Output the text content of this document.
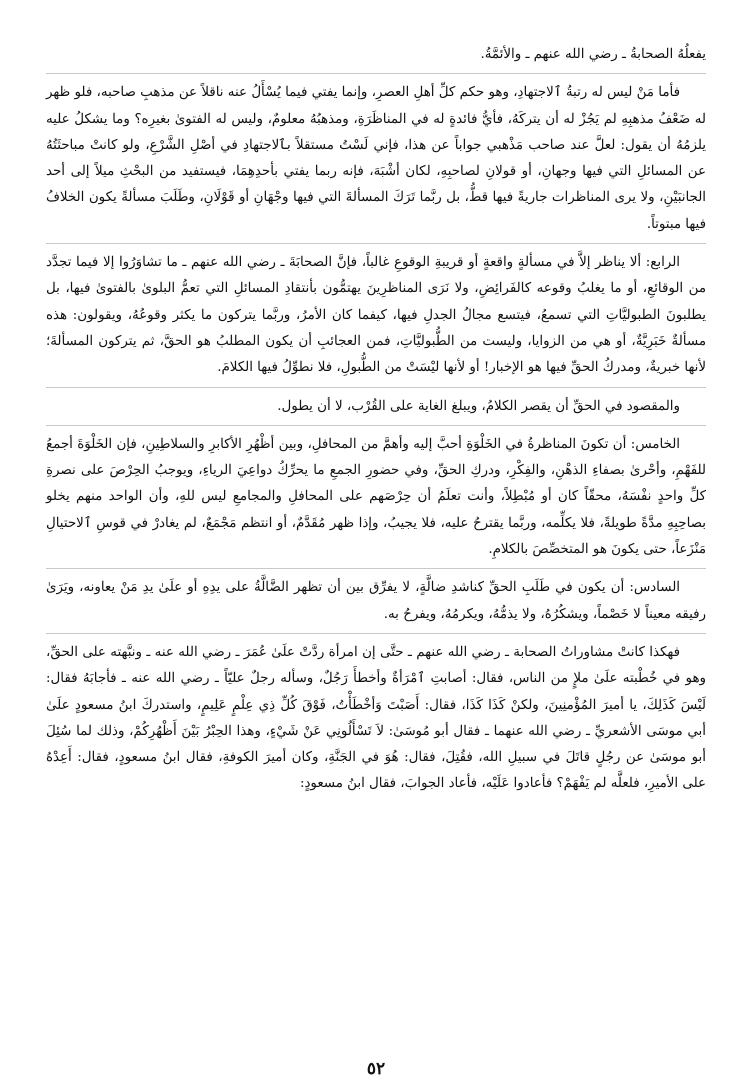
يفعلُهُ الصحابةُ ـ رضي الله عنهم ـ والأئمَّةُ.

فأما مَنْ ليس له رتبةُ ٱلاجتهادِ، وهو حكم كلِّ أهلِ العصرِ، وإنما يفتي فيما يُسْأَلُ عنه ناقلاً عن مذهبِ صاحبه، فلو ظهر له ضَعْفُ مذهبِهِ لم يَجُزْ له أن يتركَهُ، فأيُّ فائدةٍ له في المناظَرَةِ، ومذهبُهُ معلومٌ، وليس له الفتوىٰ بغيرِه؟ وما يشكلُ عليه يلزمُهُ أن يقول: لعلَّ عند صاحب مَذْهبي جواباً عن هذا، فإني لَسْتُ مستقلاً بٱلاجتهادِ في أصْلِ الشَّرْعِ، ولو كانتْ مباحثَتُهُ عن المسائلِ التي فيها وجهانِ، أو قولانِ لصاحبِهِ، لكان أشْبَهَ، فإنه ربما يفتي بأحدِهِمَا، فيستفيد من البحْثِ ميلاً إلى أحد الجانبَيْنِ، ولا يرى المناظرات جاريةً فيها قطُّ، بل ربَّما تَرَكَ المسألةَ التي فيها وجْهَانِ أو قَوْلَانِ، وطَلَبَ مسألةً يكون الخلافُ فيها مبتوتاً.

الرابع: ألا يناظر إلاَّ في مسألةٍ واقعةٍ أو قريبةِ الوقوعِ غالباً، فإنَّ الصحابَةَ ـ رضي الله عنهم ـ ما تشاوَرُوا إلا فيما تجدَّد من الوقائعِ، أو ما يغلبُ وقوعه كالفَرائِضِ، ولا نَرَى المناظرِينَ يهتمُّون بأنتقادِ المسائلِ التي تعمُّ البلوىٰ بالفتوىٰ فيها، بل يطلبونَ الطبوليَّاتِ التي تسمعُ، فيتسع مجالُ الجدلِ فيها، كيفما كان الأمرُ، وربَّما يتركون ما يكثر وقوعُهُ، ويقولون: هذه مسألةٌ خَبَرِيَّةٌ، أو هي من الزوايا، وليست من الطُّبوليَّاتِ، فمن العجائبِ أن يكون المطلبُ هو الحقَّ، ثم يتركون المسألةَ؛ لأنها خبريةٌ، ومدركُ الحقِّ فيها هو الإخبار! أو لأنها ليْسَتْ من الطُّبولِ، فلا نطوِّلُ فيها الكلامَ.

والمقصود في الحقِّ أن يقصر الكلامُ، ويبلغ الغاية على القُرْب، لا أن يطول.

الخامس: أن تكونَ المناظرةُ في الخَلْوَةِ أحبَّ إليه وأهمَّ من المحافلِ، وبين أظْهُرِ الأكابرِ والسلاطِينِ، فإن الخَلْوَةَ أجمعُ للفَهْمِ، وأحْرىٰ بصفاءِ الذهْنِ، والفِكْرِ، ودركِ الحقِّ، وفي حضورِ الجمعِ ما يحرِّكُ دواعِيَ الرياءِ، ويوجبُ الحِرْصَ على نصرةِ كلِّ واحدٍ نفْسَهُ، محقّاً كان أو مُبْطِلاً، وأنت تعلَمُ أن حِرْصَهم على المحافلِ والمجامعِ ليس للهِ، وأن الواحد منهم يخلو بصاحِبِهِ مدَّةً طويلةً، فلا يكلِّمه، وربَّما يقترحُ عليه، فلا يجيبُ، وإذا ظهر مُقَدَّمٌ، أو انتظم مَجْمَعٌ، لم يغادرْ في قوسِ ٱلاحتيالِ مَنْزَعاً، حتى يكونَ هو المتخصِّصَ بالكلامِ.

السادس: أن يكون في طَلَبِ الحقِّ كناشدِ ضالَّةٍ، لا يفرِّق بين أن تظهر الضَّالَّةُ على يدِهِ أو علَىٰ يدِ مَنْ يعاونه، ويَرَىٰ رفيقه معيناً لا خَصْماً، ويشكُرُهُ، ولا يذمُّهُ، ويكرمُهُ، ويفرحُ به.

فهكذا كانتْ مشاوراتُ الصحابة ـ رضي الله عنهم ـ حتَّى إن امرأة ردَّتْ علَىٰ عُمَرَ ـ رضي الله عنه ـ ونبَّهته على الحقِّ، وهو في خُطْبته علَىٰ ملإٍ من الناس، فقال: أصابتِ ٱمْرَأةٌ وأخطأَ رَجُلٌ، وسأله رجلٌ عليّاً ـ رضي الله عنه ـ فأجابَهُ فقال: لَيْسَ كَذَلِكَ، يا أميرَ المُؤْمنِينَ، ولكنْ كَذَا كَذَا، فقال: أَصَبْتَ وَأخْطَأْتُ، فَوْقَ كُلِّ ذِي عِلْمٍ عَلِيمٍ، واستدركَ ابنُ مسعودٍ علَىٰ أبي موسَى الأشعريِّ ـ رضي الله عنهما ـ فقال أبو مُوسَىٰ: لاَ تَسْأَلُونِي عَنْ شَيْءٍ، وهذا الحِبْرُ بَيْنَ أَظْهُرِكُمْ، وذلك لما سُئِلَ أبو موسَىٰ عن رجُلٍ قاتَلَ في سبيلِ الله، فقُتِلَ، فقال: هُوَ في الجَنَّةِ، وكان أميرَ الكوفةِ، فقال ابنُ مسعودٍ، فقال: أَعِدْهُ على الأميرِ، فلعلَّه لم يَفْهَمْ؟ فأعادوا عَلَيْه، فأعاد الجوابَ، فقال ابنُ مسعودٍ:

٥٢
